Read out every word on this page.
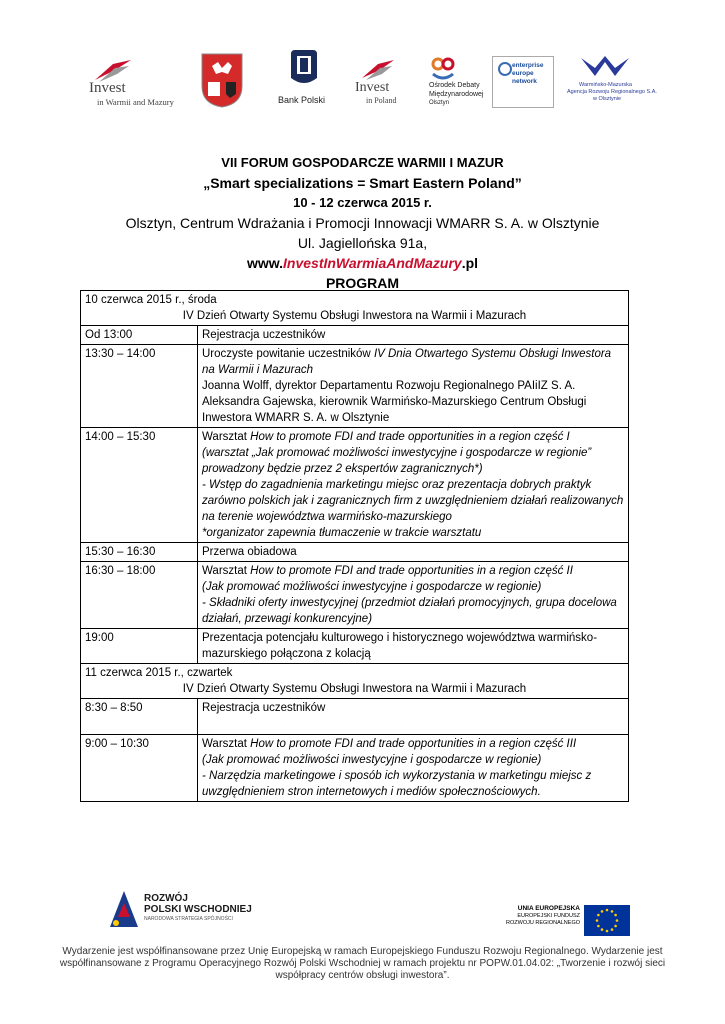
Invest
in Warmii and Mazury	Bank Polski
Invest
in Poland
Ośrodek Debaty
Międzynarodowej
Olsztyn
enterprise
europe
network	Warmińsko-Mazurska
Agencja Rozwoju Regionalnego S.A.
w Olsztynie
VII FORUM GOSPODARCZE WARMII I MAZUR
„Smart specializations = Smart Eastern Poland”
10 - 12 czerwca 2015 r.
Olsztyn, Centrum Wdrażania i Promocji Innowacji WMARR S. A. w Olsztynie
Ul. Jagiellońska 91a,
www.InvestInWarmiaAndMazury.pl
PROGRAM
10 czerwca 2015 r., środa
IV Dzień Otwarty Systemu Obsługi Inwestora na Warmii i Mazurach	

Od 13:00	Rejestracja uczestników
13:30 – 14:00	Uroczyste powitanie uczestników IV Dnia Otwartego Systemu Obsługi Inwestora na Warmii i Mazurach
Joanna Wolff, dyrektor Departamentu Rozwoju Regionalnego PAIiIZ S. A.
Aleksandra Gajewska, kierownik Warmińsko-Mazurskiego Centrum Obsługi Inwestora WMARR S. A. w Olsztynie

14:00 – 15:30	Warsztat How to promote FDI and trade opportunities in a region część I
(warsztat „Jak promować możliwości inwestycyjne i gospodarcze w regionie” prowadzony będzie przez 2 ekspertów zagranicznych*)
- Wstęp do zagadnienia marketingu miejsc oraz prezentacja dobrych praktyk zarówno polskich jak i zagranicznych firm z uwzględnieniem działań realizowanych na terenie województwa warmińsko-mazurskiego
*organizator zapewnia tłumaczenie w trakcie warsztatu

15:30 – 16:30	Przerwa obiadowa
16:30 – 18:00	Warsztat How to promote FDI and trade opportunities in a region część II
(Jak promować możliwości inwestycyjne i gospodarcze w regionie)
- Składniki oferty inwestycyjnej (przedmiot działań promocyjnych, grupa docelowa działań, przewagi konkurencyjne)

19:00	Prezentacja potencjału kulturowego i historycznego województwa warmińsko-mazurskiego połączona z kolacją

11 czerwca 2015 r., czwartek
IV Dzień Otwarty Systemu Obsługi Inwestora na Warmii i Mazurach	

8:30 – 8:50	Rejestracja uczestników
9:00 – 10:30	Warsztat How to promote FDI and trade opportunities in a region część III
(Jak promować możliwości inwestycyjne i gospodarcze w regionie)
- Narzędzia marketingowe i sposób ich wykorzystania w marketingu miejsc z uwzględnieniem stron internetowych i mediów społecznościowych.
ROZWÓJ
POLSKI WSCHODNIEJ
NARODOWA STRATEGIA SPÓJNOŚCI
UNIA EUROPEJSKA
EUROPEJSKI FUNDUSZ
ROZWOJU REGIONALNEGO
Wydarzenie jest współfinansowane przez Unię Europejską w ramach Europejskiego Funduszu Rozwoju Regionalnego. Wydarzenie jest współfinansowane z Programu Operacyjnego Rozwój Polski Wschodniej w ramach projektu nr POPW.01.04.02: „Tworzenie i rozwój sieci współpracy centrów obsługi inwestora”.
